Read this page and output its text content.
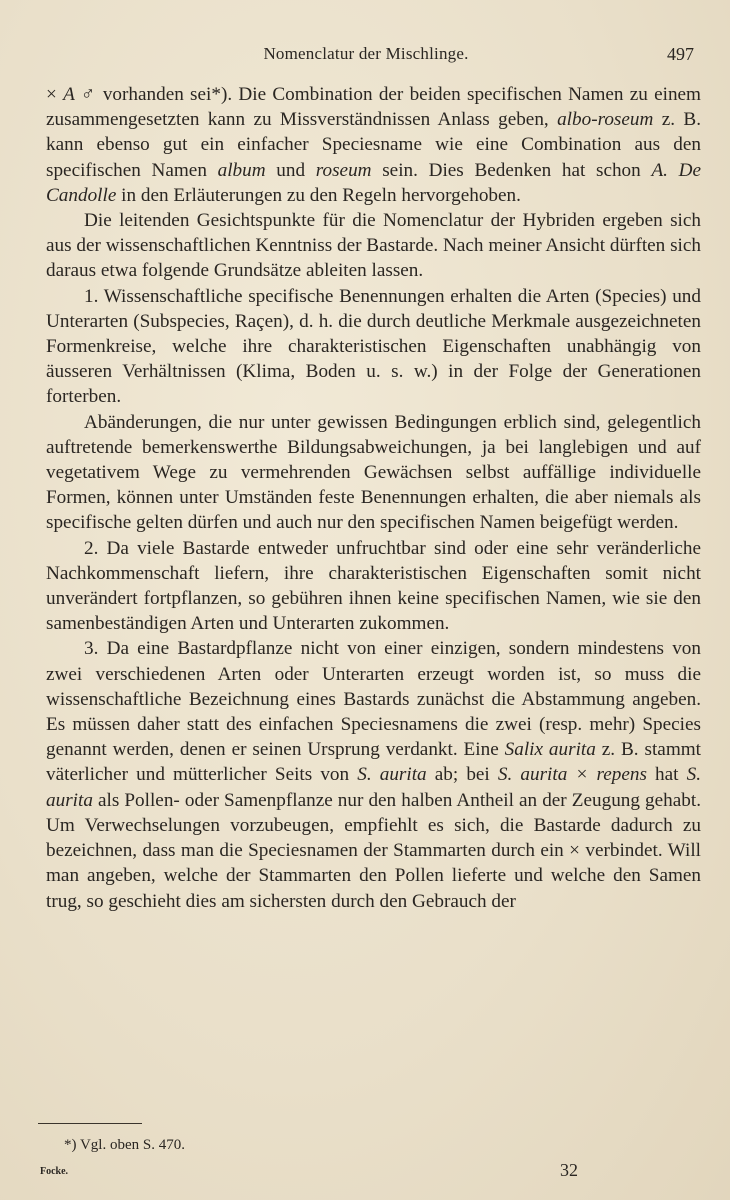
Nomenclatur der Mischlinge.	497

× A ♂ vorhanden sei*). Die Combination der beiden specifischen Namen zu einem zusammengesetzten kann zu Missverständnissen Anlass geben, albo-roseum z. B. kann ebenso gut ein einfacher Speciesname wie eine Combination aus den specifischen Namen album und roseum sein. Dies Bedenken hat schon A. De Candolle in den Erläuterungen zu den Regeln hervorgehoben.

Die leitenden Gesichtspunkte für die Nomenclatur der Hybriden ergeben sich aus der wissenschaftlichen Kenntniss der Bastarde. Nach meiner Ansicht dürften sich daraus etwa folgende Grundsätze ableiten lassen.

1. Wissenschaftliche specifische Benennungen erhalten die Arten (Species) und Unterarten (Subspecies, Raçen), d. h. die durch deutliche Merkmale ausgezeichneten Formenkreise, welche ihre charakteristischen Eigenschaften unabhängig von äusseren Verhältnissen (Klima, Boden u. s. w.) in der Folge der Generationen forterben.

Abänderungen, die nur unter gewissen Bedingungen erblich sind, gelegentlich auftretende bemerkenswerthe Bildungsabweichungen, ja bei langlebigen und auf vegetativem Wege zu vermehrenden Gewächsen selbst auffällige individuelle Formen, können unter Umständen feste Benennungen erhalten, die aber niemals als specifische gelten dürfen und auch nur den specifischen Namen beigefügt werden.

2. Da viele Bastarde entweder unfruchtbar sind oder eine sehr veränderliche Nachkommenschaft liefern, ihre charakteristischen Eigenschaften somit nicht unverändert fortpflanzen, so gebühren ihnen keine specifischen Namen, wie sie den samenbeständigen Arten und Unterarten zukommen.

3. Da eine Bastardpflanze nicht von einer einzigen, sondern mindestens von zwei verschiedenen Arten oder Unterarten erzeugt worden ist, so muss die wissenschaftliche Bezeichnung eines Bastards zunächst die Abstammung angeben. Es müssen daher statt des einfachen Speciesnamens die zwei (resp. mehr) Species genannt werden, denen er seinen Ursprung verdankt. Eine Salix aurita z. B. stammt väterlicher und mütterlicher Seits von S. aurita ab; bei S. aurita × repens hat S. aurita als Pollen- oder Samenpflanze nur den halben Antheil an der Zeugung gehabt. Um Verwechselungen vorzubeugen, empfiehlt es sich, die Bastarde dadurch zu bezeichnen, dass man die Speciesnamen der Stammarten durch ein × verbindet. Will man angeben, welche der Stammarten den Pollen lieferte und welche den Samen trug, so geschieht dies am sichersten durch den Gebrauch der

*) Vgl. oben S. 470.
Focke.	32
